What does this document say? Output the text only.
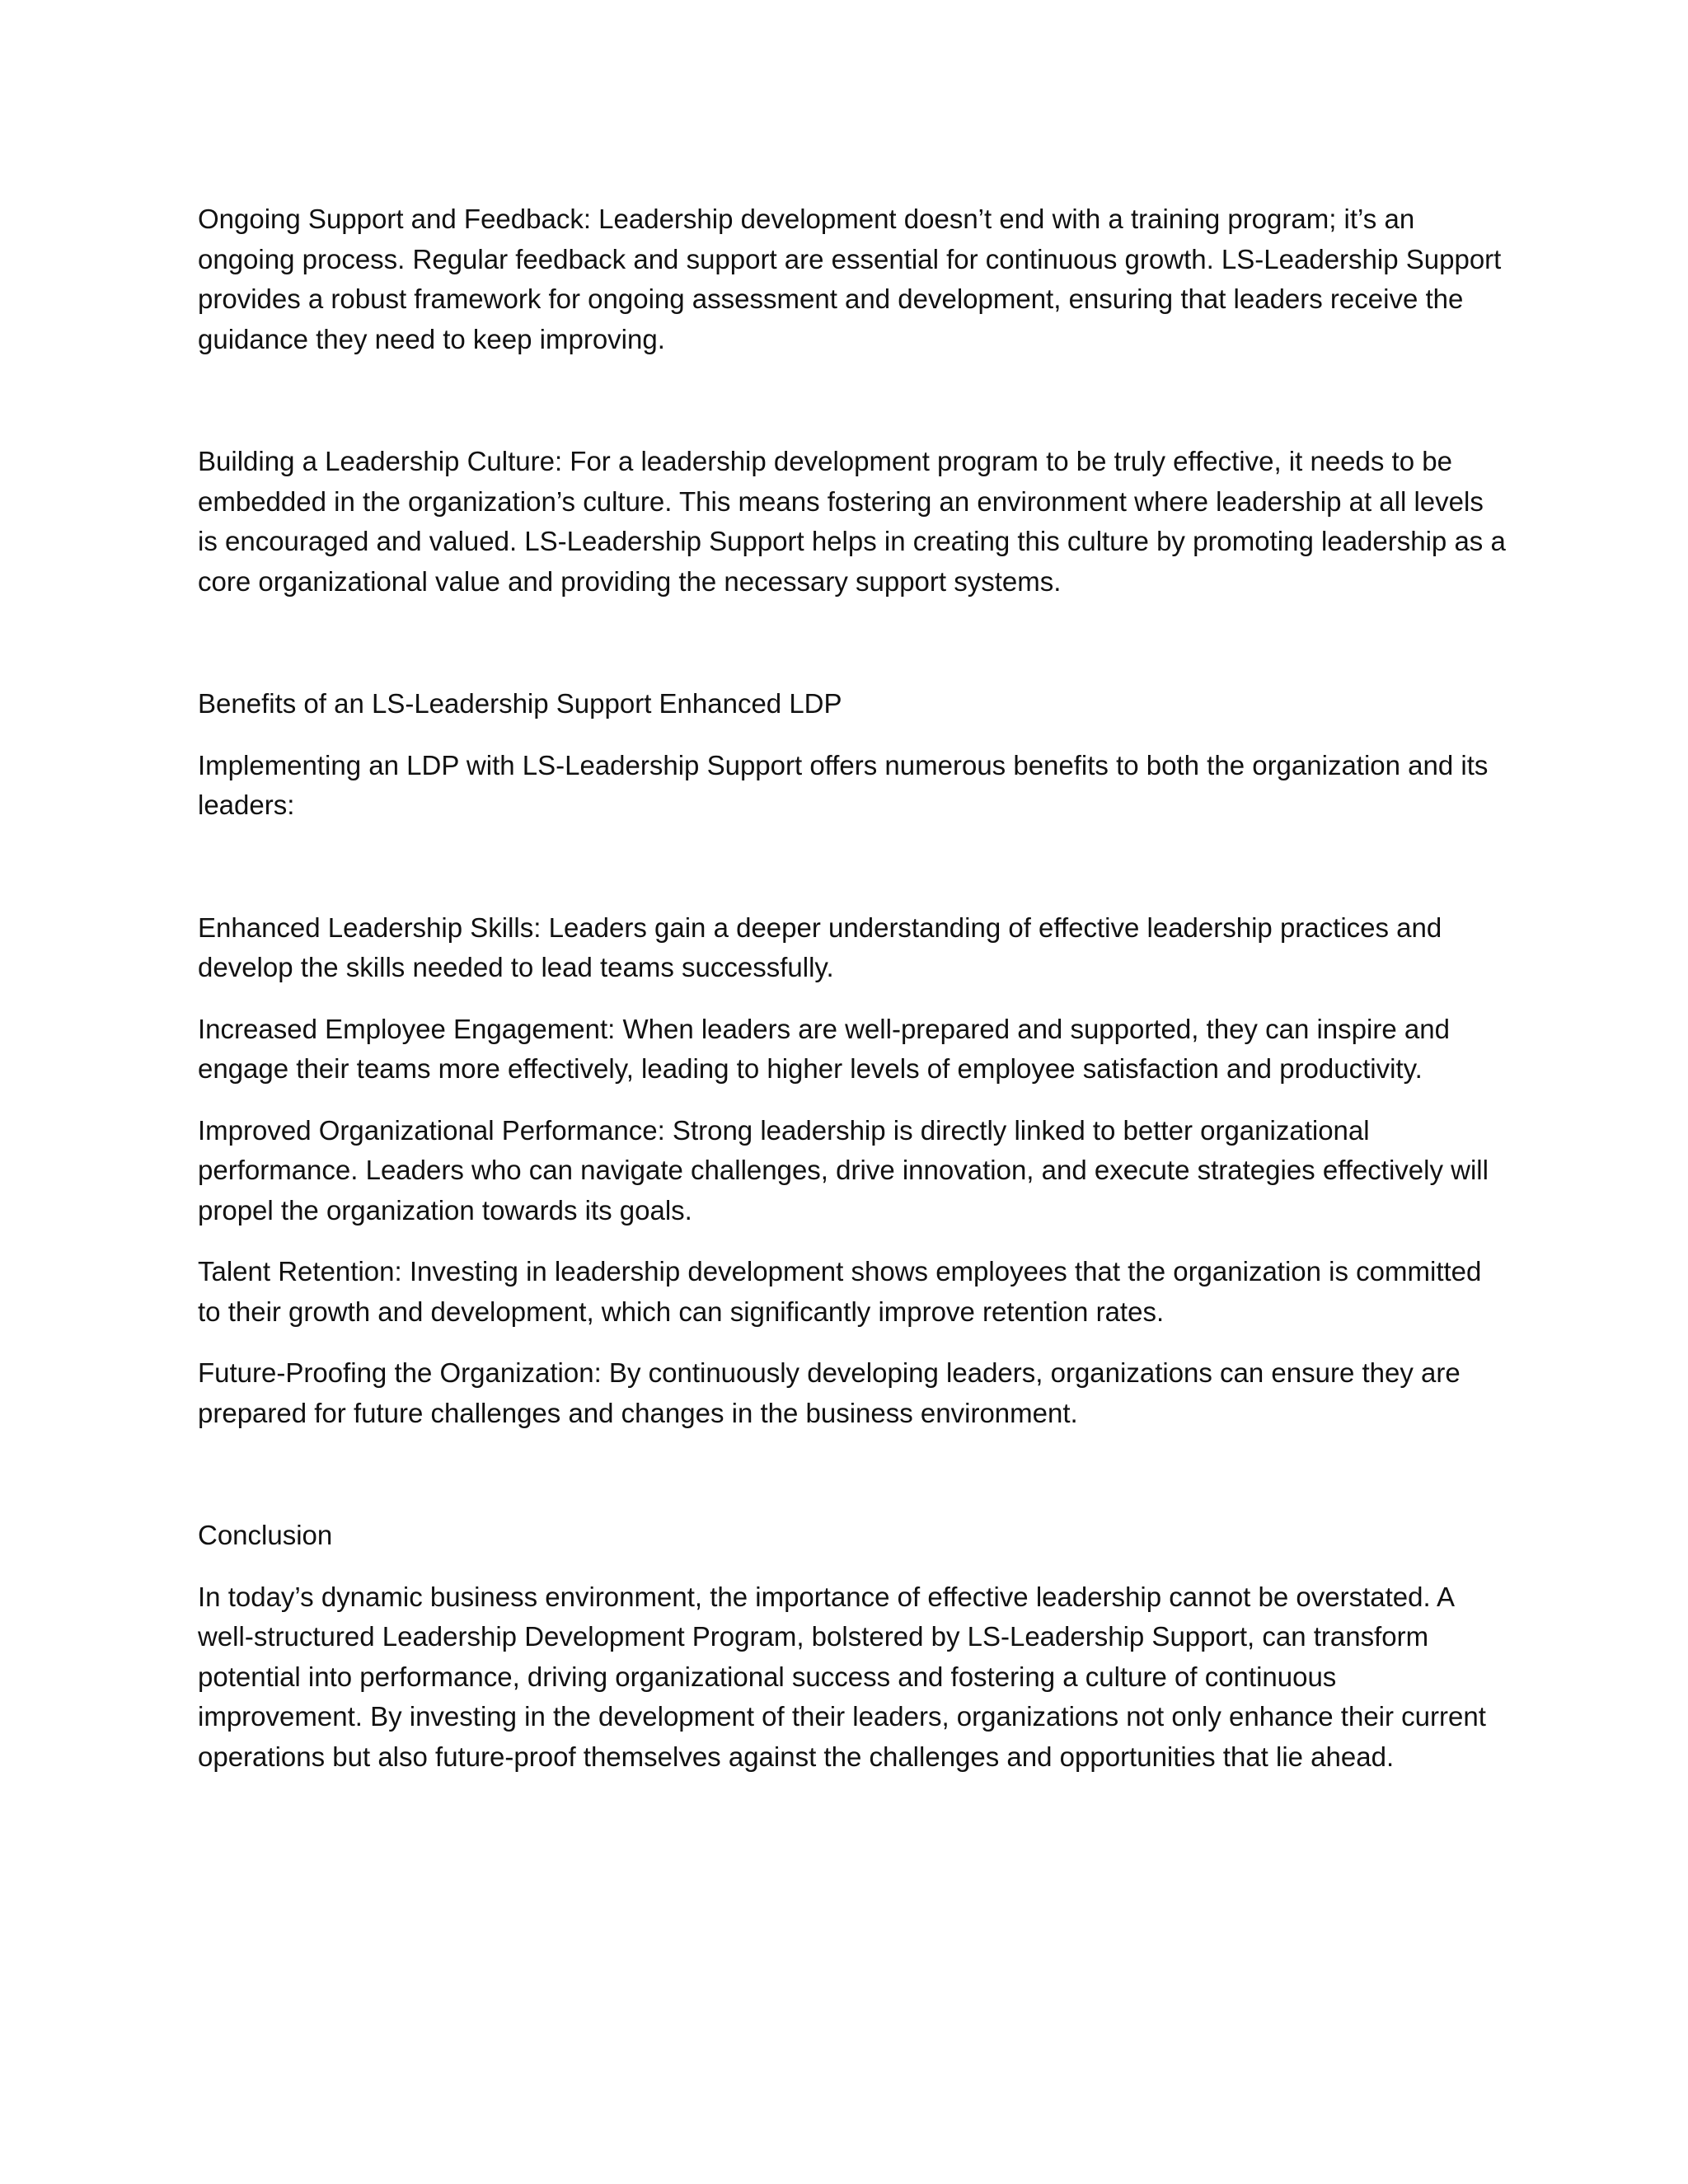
Ongoing Support and Feedback: Leadership development doesn’t end with a training program; it’s an ongoing process. Regular feedback and support are essential for continuous growth. LS-Leadership Support provides a robust framework for ongoing assessment and development, ensuring that leaders receive the guidance they need to keep improving.

Building a Leadership Culture: For a leadership development program to be truly effective, it needs to be embedded in the organization’s culture. This means fostering an environment where leadership at all levels is encouraged and valued. LS-Leadership Support helps in creating this culture by promoting leadership as a core organizational value and providing the necessary support systems.

Benefits of an LS-Leadership Support Enhanced LDP

Implementing an LDP with LS-Leadership Support offers numerous benefits to both the organization and its leaders:

Enhanced Leadership Skills: Leaders gain a deeper understanding of effective leadership practices and develop the skills needed to lead teams successfully.

Increased Employee Engagement: When leaders are well-prepared and supported, they can inspire and engage their teams more effectively, leading to higher levels of employee satisfaction and productivity.

Improved Organizational Performance: Strong leadership is directly linked to better organizational performance. Leaders who can navigate challenges, drive innovation, and execute strategies effectively will propel the organization towards its goals.

Talent Retention: Investing in leadership development shows employees that the organization is committed to their growth and development, which can significantly improve retention rates.

Future-Proofing the Organization: By continuously developing leaders, organizations can ensure they are prepared for future challenges and changes in the business environment.

Conclusion

In today’s dynamic business environment, the importance of effective leadership cannot be overstated. A well-structured Leadership Development Program, bolstered by LS-Leadership Support, can transform potential into performance, driving organizational success and fostering a culture of continuous improvement. By investing in the development of their leaders, organizations not only enhance their current operations but also future-proof themselves against the challenges and opportunities that lie ahead.
